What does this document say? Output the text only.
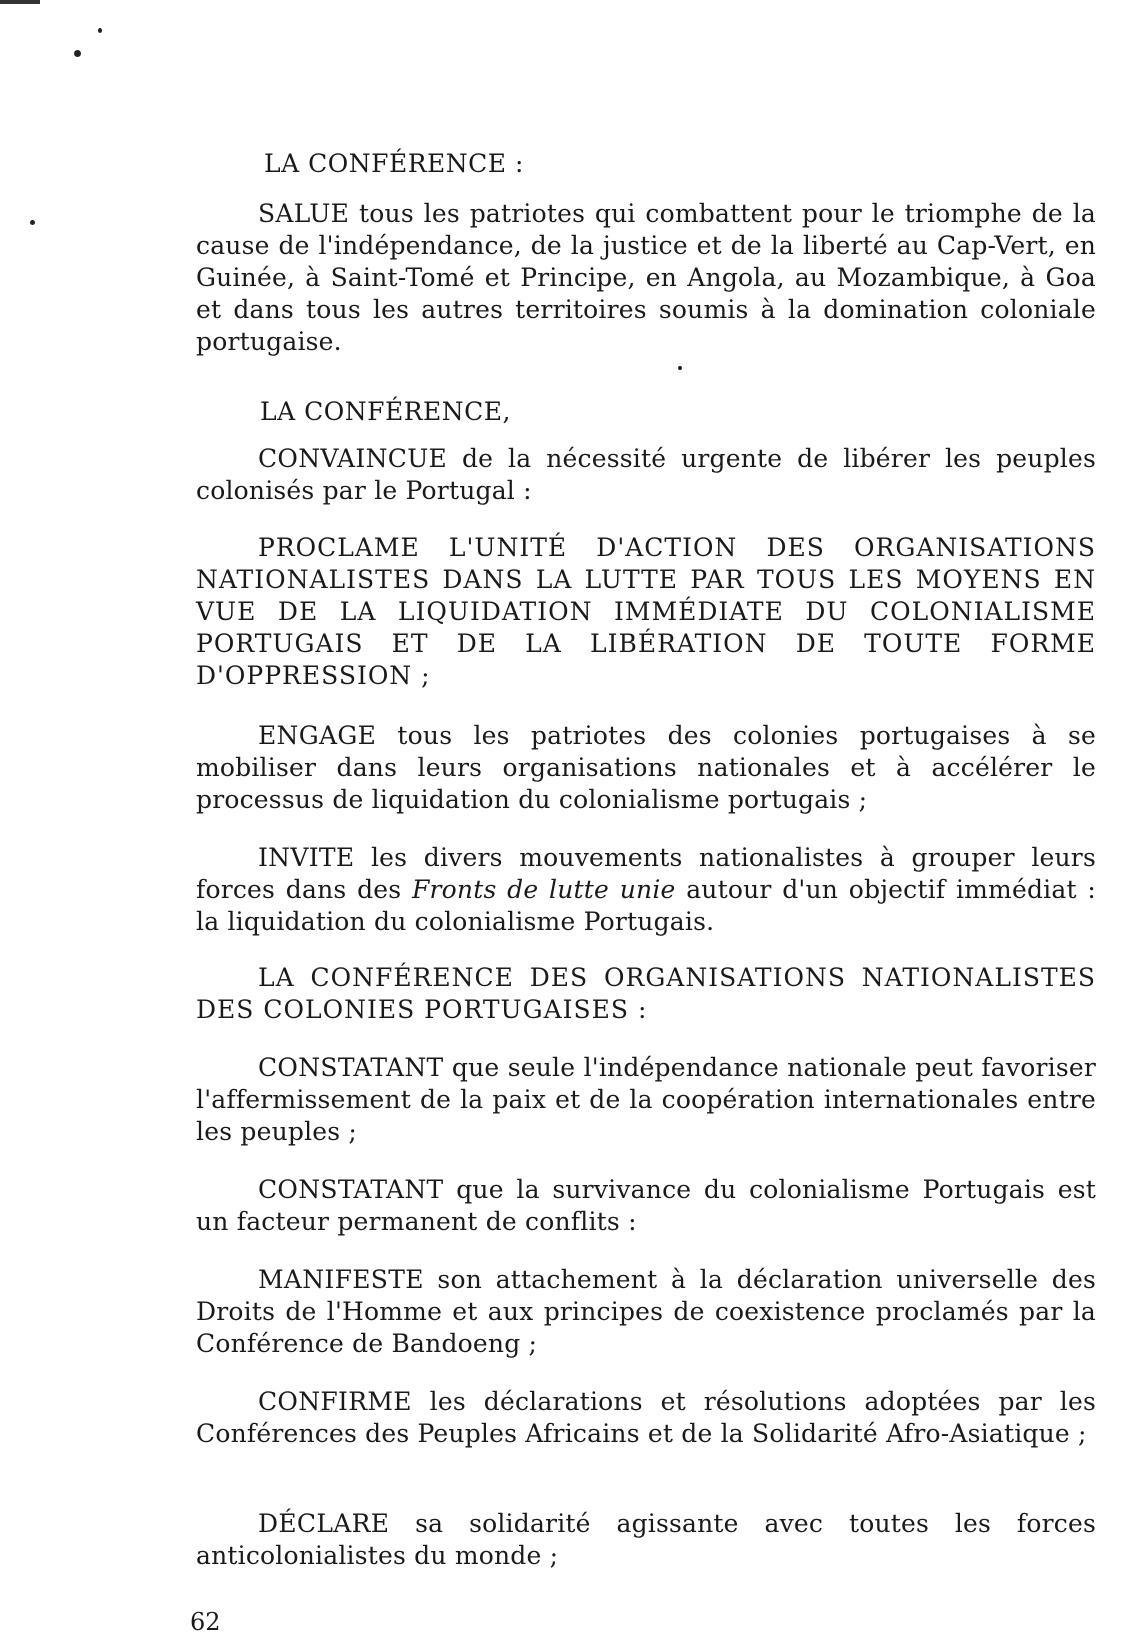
LA CONFÉRENCE :
SALUE tous les patriotes qui combattent pour le triomphe de la cause de l'indépendance, de la justice et de la liberté au Cap-Vert, en Guinée, à Saint-Tomé et Principe, en Angola, au Mozambique, à Goa et dans tous les autres territoires soumis à la domination coloniale portugaise.
LA CONFÉRENCE,
CONVAINCUE de la nécessité urgente de libérer les peuples colonisés par le Portugal :
PROCLAME L'UNITÉ D'ACTION DES ORGANISATIONS NATIONALISTES DANS LA LUTTE PAR TOUS LES MOYENS EN VUE DE LA LIQUIDATION IMMÉDIATE DU COLONIALISME PORTUGAIS ET DE LA LIBÉRATION DE TOUTE FORME D'OPPRESSION ;
ENGAGE tous les patriotes des colonies portugaises à se mobiliser dans leurs organisations nationales et à accélérer le processus de liquidation du colonialisme portugais ;
INVITE les divers mouvements nationalistes à grouper leurs forces dans des Fronts de lutte unie autour d'un objectif immédiat : la liquidation du colonialisme Portugais.
LA CONFÉRENCE DES ORGANISATIONS NATIONALISTES DES COLONIES PORTUGAISES :
CONSTATANT que seule l'indépendance nationale peut favoriser l'affermissement de la paix et de la coopération internationales entre les peuples ;
CONSTATANT que la survivance du colonialisme Portugais est un facteur permanent de conflits :
MANIFESTE son attachement à la déclaration universelle des Droits de l'Homme et aux principes de coexistence proclamés par la Conférence de Bandoeng ;
CONFIRME les déclarations et résolutions adoptées par les Conférences des Peuples Africains et de la Solidarité Afro-Asiatique ;
DÉCLARE sa solidarité agissante avec toutes les forces anticolonialistes du monde ;
62
